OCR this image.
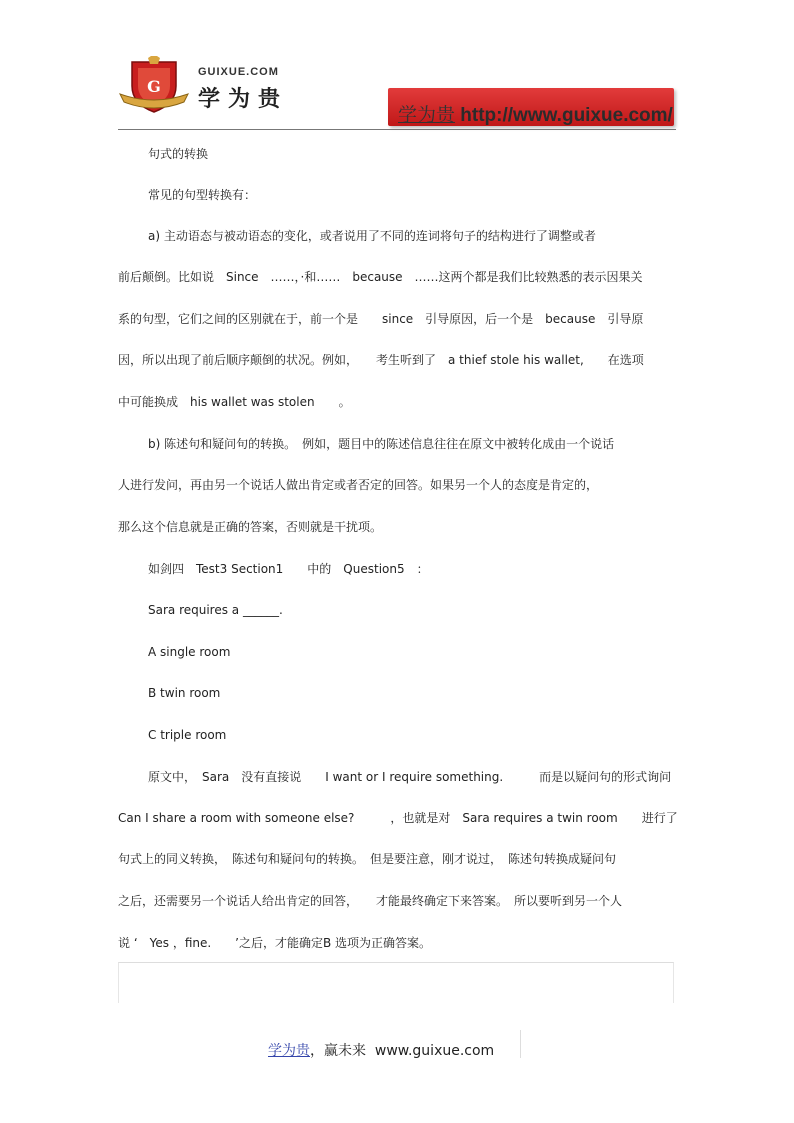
G
GUIXUE.COM
学为贵
学为贵 http://www.guixue.com/
句式的转换
常见的句型转换有：
a) 主动语态与被动语态的变化，或者说用了不同的连词将句子的结构进行了调整或者
前后颠倒。比如说　Since　……，·和……　because　……这两个都是我们比较熟悉的表示因果关
系的句型，它们之间的区别就在于，前一个是　　since　引导原因，后一个是　because　引导原
因，所以出现了前后顺序颠倒的状况。例如，　　考生听到了　a thief stole his wallet,　　在选项
中可能换成　his wallet was stolen　　。
b) 陈述句和疑问句的转换。　例如，题目中的陈述信息往往在原文中被转化成由一个说话
人进行发问，再由另一个说话人做出肯定或者否定的回答。如果另一个人的态度是肯定的，
那么这个信息就是正确的答案，否则就是干扰项。
如剑四　Test3 Section1　　中的　Question5　：
Sara requires a ______.
A single room
B twin room
C triple room
原文中，　Sara　没有直接说　　I want or I require something.　　　而是以疑问句的形式询问
Can I share a room with someone else?　　　，也就是对　Sara requires a twin room　　进行了
句式上的同义转换，　陈述句和疑问句的转换。　但是要注意，刚才说过，　陈述句转换成疑问句
之后，还需要另一个说话人给出肯定的回答，　　才能最终确定下来答案。　所以要听到另一个人
说 ‘　Yes ，fine.　　’之后，才能确定B 选项为正确答案。
学为贵，赢未来 www.guixue.com
